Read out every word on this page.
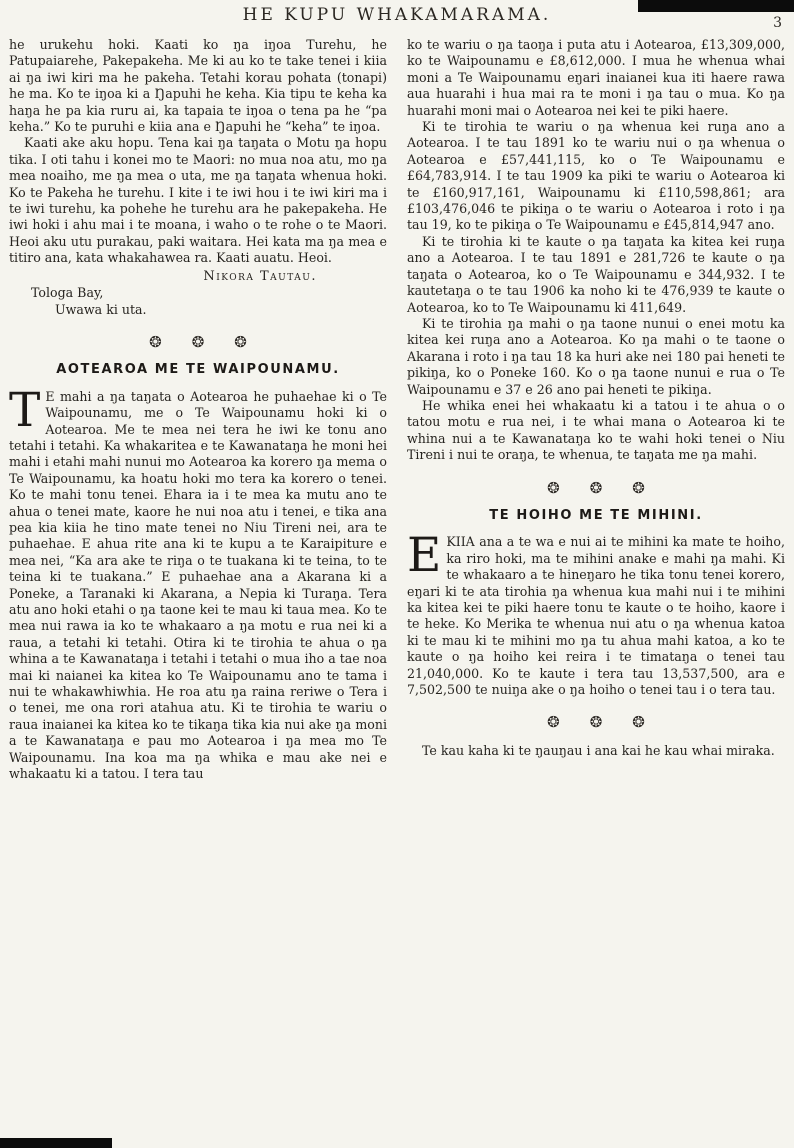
HE KUPU WHAKAMARAMA.	3

he urukehu hoki. Kaati ko ŋa iŋoa Turehu, he Patupaiarehe, Pakepakeha. Me ki au ko te take tenei i kiia ai ŋa iwi kiri ma he pakeha. Tetahi korau pohata (tonapi) he ma. Ko te iŋoa ki a Ŋapuhi he keha. Kia tipu te keha ka haŋa he pa kia ruru ai, ka tapaia te iŋoa o tena pa he “pa keha.” Ko te puruhi e kiia ana e Ŋapuhi he “keha” te iŋoa.

Kaati ake aku hopu. Tena kai ŋa taŋata o Motu ŋa hopu tika. I oti tahu i konei mo te Maori: no mua noa atu, mo ŋa mea noaiho, me ŋa mea o uta, me ŋa taŋata whenua hoki. Ko te Pakeha he turehu. I kite i te iwi hou i te iwi kiri ma i te iwi turehu, ka pohehe he turehu ara he pakepakeha. He iwi hoki i ahu mai i te moana, i waho o te rohe o te Maori. Heoi aku utu purakau, paki waitara. Hei kata ma ŋa mea e titiro ana, kata whakahawea ra. Kaati auatu. Heoi.

Nikora Tautau.
Tologa Bay,
Uwawa ki uta.
❂ ❂ ❂
AOTEAROA ME TE WAIPOUNAMU.

T E mahi a ŋa taŋata o Aotearoa he puhaehae ki o Te Waipounamu, me o Te Waipounamu hoki ki o Aotearoa. Me te mea nei tera he iwi ke tonu ano tetahi i tetahi. Ka whakaritea e te Kawanataŋa he moni hei mahi i etahi mahi nunui mo Aotearoa ka korero ŋa mema o Te Waipounamu, ka hoatu hoki mo tera ka korero o tenei. Ko te mahi tonu tenei. Ehara ia i te mea ka mutu ano te ahua o tenei mate, kaore he nui noa atu i tenei, e tika ana pea kia kiia he tino mate tenei no Niu Tireni nei, ara te puhaehae. E ahua rite ana ki te kupu a te Karaipiture e mea nei, “Ka ara ake te riŋa o te tuakana ki te teina, to te teina ki te tuakana.” E puhaehae ana a Akarana ki a Poneke, a Taranaki ki Akarana, a Nepia ki Turaŋa. Tera atu ano hoki etahi o ŋa taone kei te mau ki taua mea. Ko te mea nui rawa ia ko te whakaaro a ŋa motu e rua nei ki a raua, a tetahi ki tetahi. Otira ki te tirohia te ahua o ŋa whina a te Kawanataŋa i tetahi i tetahi o mua iho a tae noa mai ki naianei ka kitea ko Te Waipounamu ano te tama i nui te whakawhiwhia. He roa atu ŋa raina reriwe o Tera i o tenei, me ona rori atahua atu. Ki te tirohia te wariu o raua inaianei ka kitea ko te tikaŋa tika kia nui ake ŋa moni a te Kawanataŋa e pau mo Aotearoa i ŋa mea mo Te Waipounamu. Ina koa ma ŋa whika e mau ake nei e whakaatu ki a tatou. I tera tau

ko te wariu o ŋa taoŋa i puta atu i Aotearoa, £13,309,000, ko te Waipounamu e £8,612,000. I mua he whenua whai moni a Te Waipounamu eŋari inaianei kua iti haere rawa aua huarahi i hua mai ra te moni i ŋa tau o mua. Ko ŋa huarahi moni mai o Aotearoa nei kei te piki haere.

Ki te tirohia te wariu o ŋa whenua kei ruŋa ano a Aotearoa. I te tau 1891 ko te wariu nui o ŋa whenua o Aotearoa e £57,441,115, ko o Te Waipounamu e £64,783,914. I te tau 1909 ka piki te wariu o Aotearoa ki te £160,917,161, Waipounamu ki £110,598,861; ara £103,476,046 te pikiŋa o te wariu o Aotearoa i roto i ŋa tau 19, ko te pikiŋa o Te Waipounamu e £45,814,947 ano.

Ki te tirohia ki te kaute o ŋa taŋata ka kitea kei ruŋa ano a Aotearoa. I te tau 1891 e 281,726 te kaute o ŋa taŋata o Aotearoa, ko o Te Waipounamu e 344,932. I te kautetaŋa o te tau 1906 ka noho ki te 476,939 te kaute o Aotearoa, ko to Te Waipounamu ki 411,649.

Ki te tirohia ŋa mahi o ŋa taone nunui o enei motu ka kitea kei ruŋa ano a Aotearoa. Ko ŋa mahi o te taone o Akarana i roto i ŋa tau 18 ka huri ake nei 180 pai heneti te pikiŋa, ko o Poneke 160. Ko o ŋa taone nunui e rua o Te Waipounamu e 37 e 26 ano pai heneti te pikiŋa.

He whika enei hei whakaatu ki a tatou i te ahua o o tatou motu e rua nei, i te whai mana o Aotearoa ki te whina nui a te Kawanataŋa ko te wahi hoki tenei o Niu Tireni i nui te oraŋa, te whenua, te taŋata me ŋa mahi.

❂ ❂ ❂
TE HOIHO ME TE MIHINI.

EKIIA ana a te wa e nui ai te mihini ka mate te hoiho, ka riro hoki, ma te mihini anake e mahi ŋa mahi. Ki te whakaaro a te hineŋaro he tika tonu tenei korero, eŋari ki te ata tirohia ŋa whenua kua mahi nui i te mihini ka kitea kei te piki haere tonu te kaute o te hoiho, kaore i te heke. Ko Merika te whenua nui atu o ŋa whenua katoa ki te mau ki te mihini mo ŋa tu ahua mahi katoa, a ko te kaute o ŋa hoiho kei reira i te timataŋa o tenei tau 21,040,000. Ko te kaute i tera tau 13,537,500, ara e 7,502,500 te nuiŋa ake o ŋa hoiho o tenei tau i o tera tau.

❂ ❂ ❂

Te kau kaha ki te ŋauŋau i ana kai he kau whai miraka.
